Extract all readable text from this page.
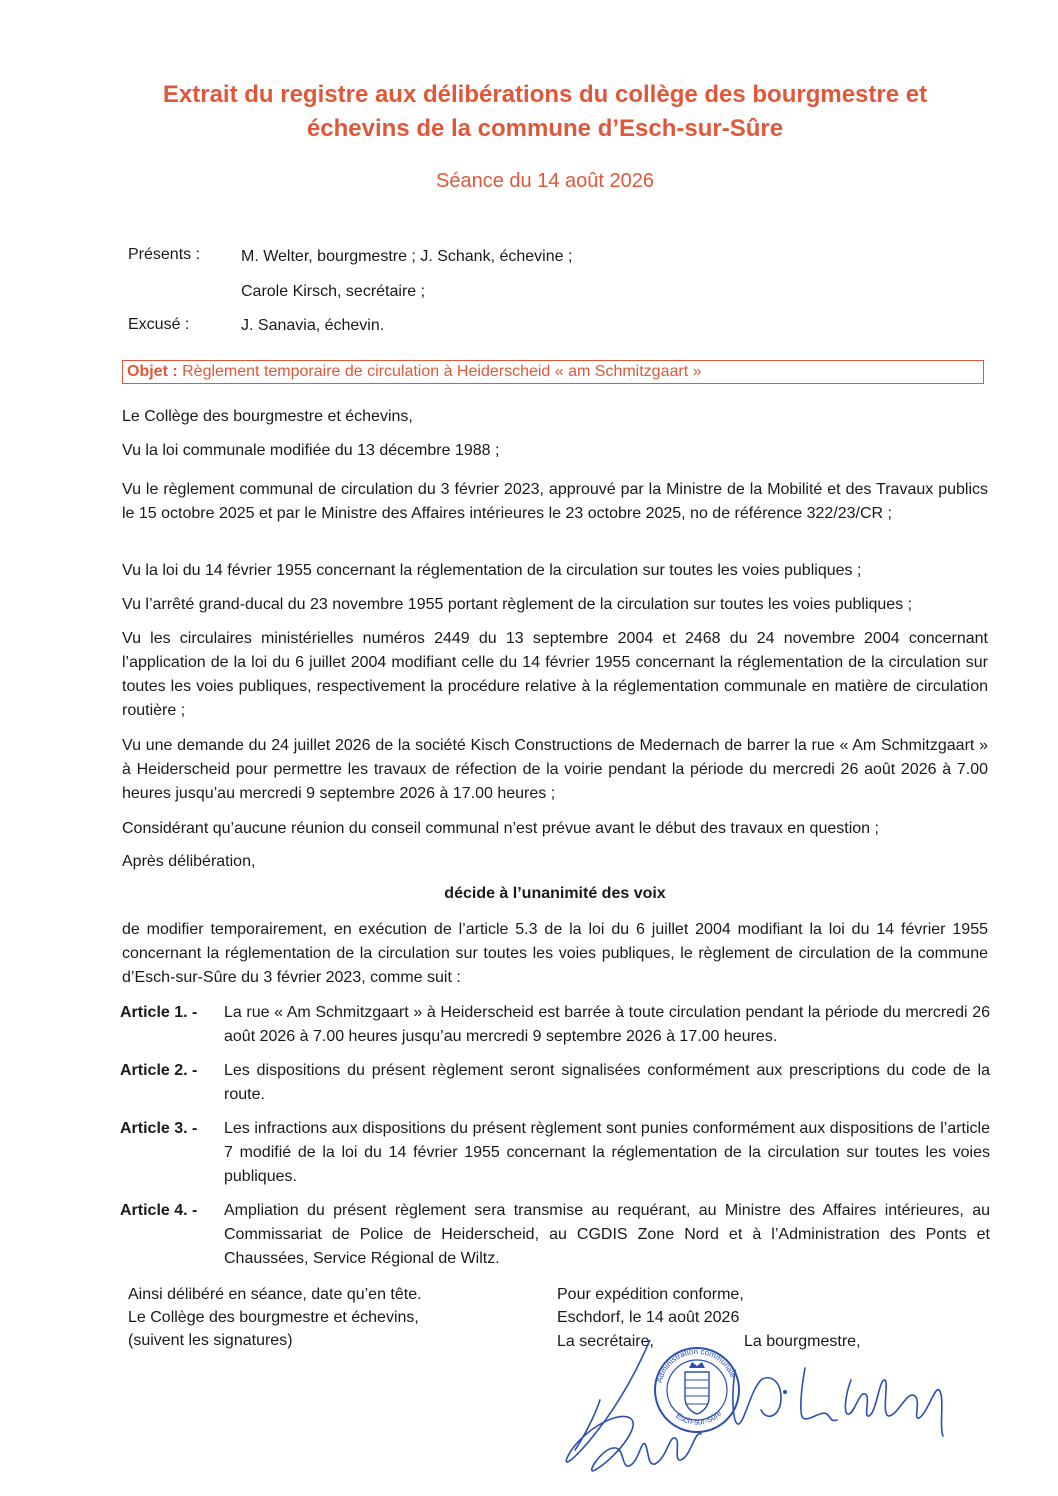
Extrait du registre aux délibérations du collège des bourgmestre et
échevins de la commune d’Esch-sur-Sûre
Séance du 14 août 2026
Présents :	M. Welter, bourgmestre ; J. Schank, échevine ;
Carole Kirsch, secrétaire ;
Excusé :	J. Sanavia, échevin.
Objet : Règlement temporaire de circulation à Heiderscheid « am Schmitzgaart »
Le Collège des bourgmestre et échevins,
Vu la loi communale modifiée du 13 décembre 1988 ;
Vu le règlement communal de circulation du 3 février 2023, approuvé par la Ministre de la Mobilité et des Travaux publics le 15 octobre 2025 et par le Ministre des Affaires intérieures le 23 octobre 2025, no de référence 322/23/CR ;
Vu la loi du 14 février 1955 concernant la réglementation de la circulation sur toutes les voies publiques ;
Vu l’arrêté grand-ducal du 23 novembre 1955 portant règlement de la circulation sur toutes les voies publiques ;
Vu les circulaires ministérielles numéros 2449 du 13 septembre 2004 et 2468 du 24 novembre 2004 concernant l’application de la loi du 6 juillet 2004 modifiant celle du 14 février 1955 concernant la réglementation de la circulation sur toutes les voies publiques, respectivement la procédure relative à la réglementation communale en matière de circulation routière ;
Vu une demande du 24 juillet 2026 de la société Kisch Constructions de Medernach de barrer la rue « Am Schmitzgaart » à Heiderscheid pour permettre les travaux de réfection de la voirie pendant la période du mercredi 26 août 2026 à 7.00 heures jusqu’au mercredi 9 septembre 2026 à 17.00 heures ;
Considérant qu’aucune réunion du conseil communal n’est prévue avant le début des travaux en question ;
Après délibération,
décide à l’unanimité des voix
de modifier temporairement, en exécution de l’article 5.3 de la loi du 6 juillet 2004 modifiant la loi du 14 février 1955 concernant la réglementation de la circulation sur toutes les voies publiques, le règlement de circulation de la commune d’Esch-sur-Sûre du 3 février 2023, comme suit :
Article 1. - La rue « Am Schmitzgaart » à Heiderscheid est barrée à toute circulation pendant la période du mercredi 26 août 2026 à 7.00 heures jusqu’au mercredi 9 septembre 2026 à 17.00 heures.
Article 2. - Les dispositions du présent règlement seront signalisées conformément aux prescriptions du code de la route.
Article 3. - Les infractions aux dispositions du présent règlement sont punies conformément aux dispositions de l’article 7 modifié de la loi du 14 février 1955 concernant la réglementation de la circulation sur toutes les voies publiques.
Article 4. - Ampliation du présent règlement sera transmise au requérant, au Ministre des Affaires intérieures, au Commissariat de Police de Heiderscheid, au CGDIS Zone Nord et à l’Administration des Ponts et Chaussées, Service Régional de Wiltz.
Ainsi délibéré en séance, date qu’en tête.
Le Collège des bourgmestre et échevins,
(suivent les signatures)
Pour expédition conforme,
Eschdorf, le 14 août 2026
La secrétaire,	La bourgmestre,
Administration communale
Esch-sur-Sûre
